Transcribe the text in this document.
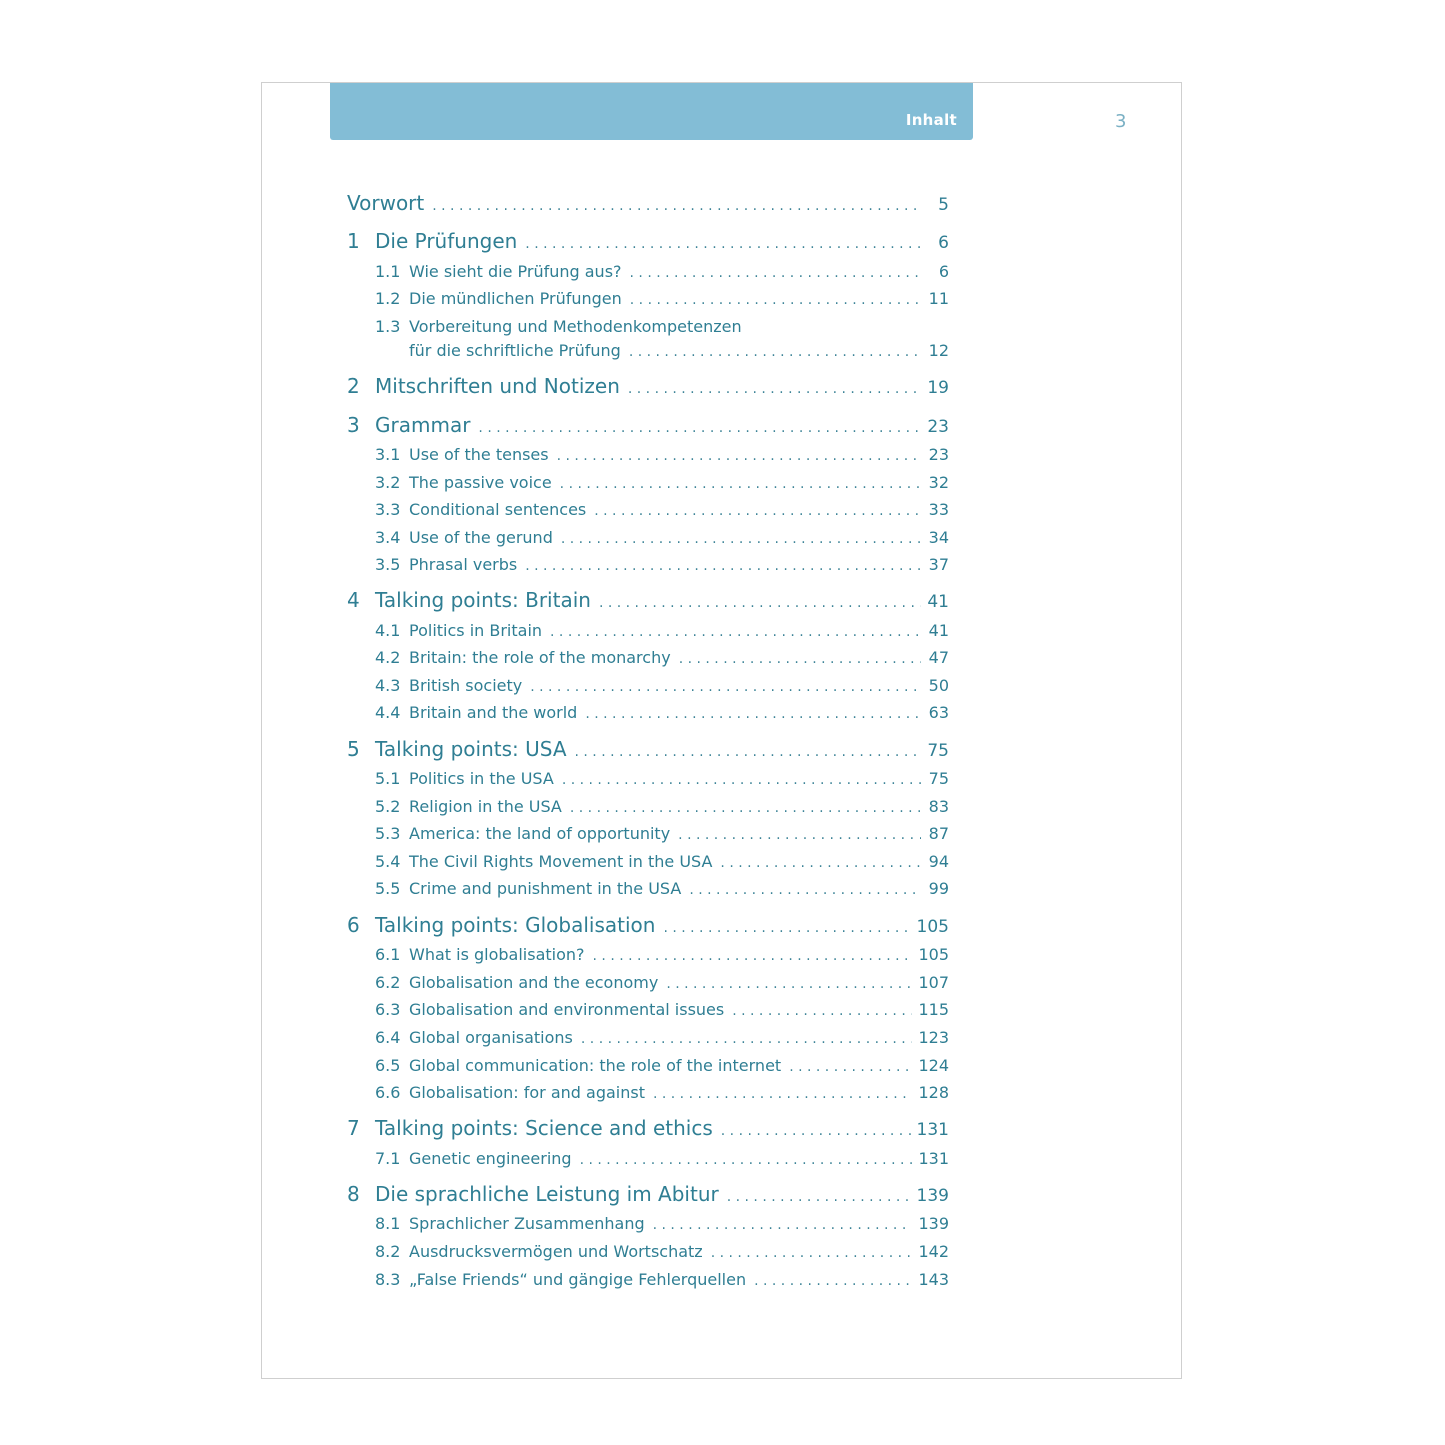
Inhalt	3
Vorwort . . .	5
1 Die Prüfungen . . .	6
1.1 Wie sieht die Prüfung aus? . . .	6
1.2 Die mündlichen Prüfungen . . .	11
1.3 Vorbereitung und Methodenkompetenzen
für die schriftliche Prüfung . . .	12
2 Mitschriften und Notizen . . .	19
3 Grammar . . .	23
3.1 Use of the tenses . . .	23
3.2 The passive voice . . .	32
3.3 Conditional sentences . . .	33
3.4 Use of the gerund . . .	34
3.5 Phrasal verbs . . .	37
4 Talking points: Britain . . .	41
4.1 Politics in Britain . . .	41
4.2 Britain: the role of the monarchy . . .	47
4.3 British society . . .	50
4.4 Britain and the world . . .	63
5 Talking points: USA . . .	75
5.1 Politics in the USA . . .	75
5.2 Religion in the USA . . .	83
5.3 America: the land of opportunity . . .	87
5.4 The Civil Rights Movement in the USA . . .	94
5.5 Crime and punishment in the USA . . .	99
6 Talking points: Globalisation . . .	105
6.1 What is globalisation? . . .	105
6.2 Globalisation and the economy . . .	107
6.3 Globalisation and environmental issues . . .	115
6.4 Global organisations . . .	123
6.5 Global communication: the role of the internet . . .	124
6.6 Globalisation: for and against . . .	128
7 Talking points: Science and ethics . . .	131
7.1 Genetic engineering . . .	131
8 Die sprachliche Leistung im Abitur . . .	139
8.1 Sprachlicher Zusammenhang . . .	139
8.2 Ausdrucksvermögen und Wortschatz . . .	142
8.3 „False Friends“ und gängige Fehlerquellen . . .	143
